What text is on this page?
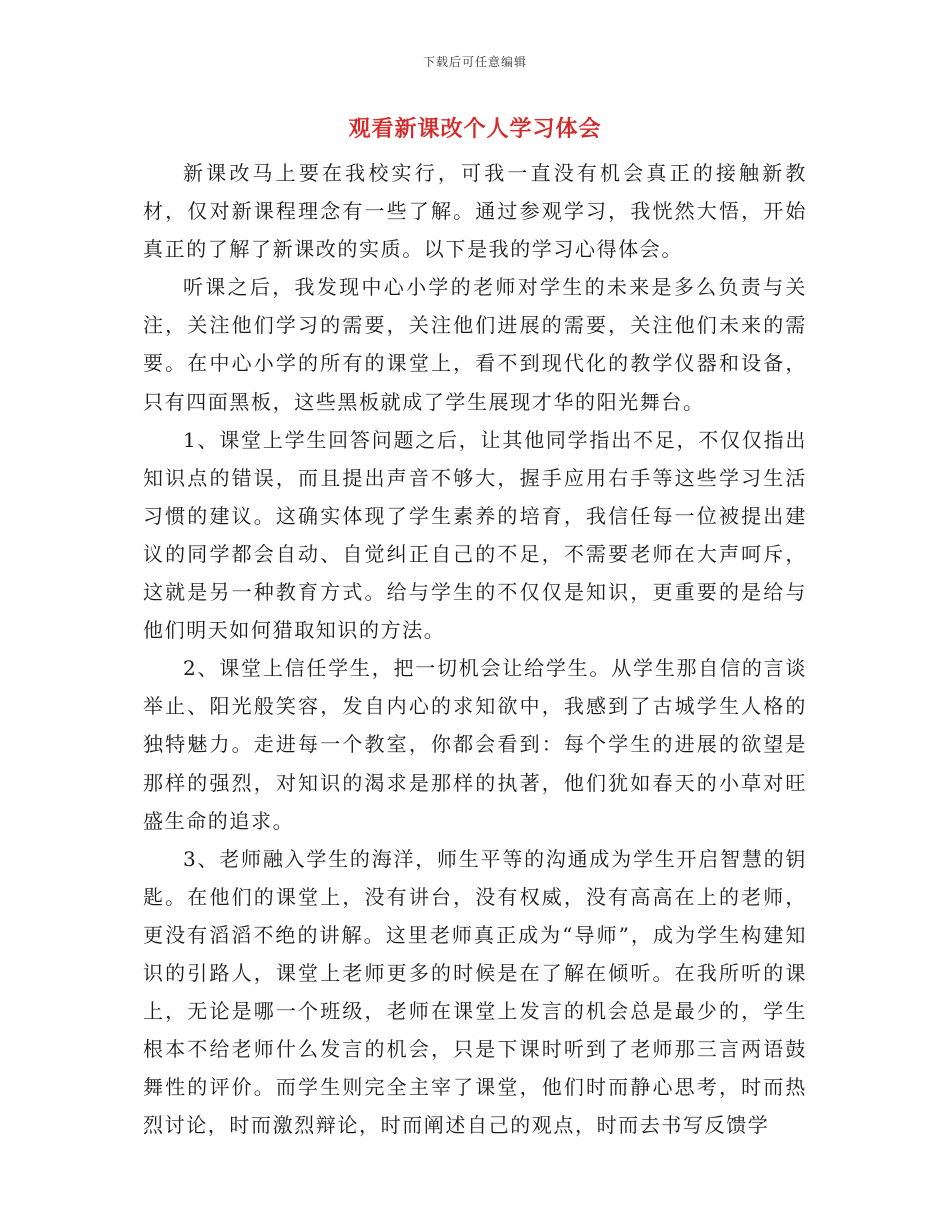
下载后可任意编辑
观看新课改个人学习体会

新课改马上要在我校实行，可我一直没有机会真正的接触新教材，仅对新课程理念有一些了解。通过参观学习，我恍然大悟，开始真正的了解了新课改的实质。以下是我的学习心得体会。

听课之后，我发现中心小学的老师对学生的未来是多么负责与关注，关注他们学习的需要，关注他们进展的需要，关注他们未来的需要。在中心小学的所有的课堂上，看不到现代化的教学仪器和设备，只有四面黑板，这些黑板就成了学生展现才华的阳光舞台。

1、课堂上学生回答问题之后，让其他同学指出不足，不仅仅指出知识点的错误，而且提出声音不够大，握手应用右手等这些学习生活习惯的建议。这确实体现了学生素养的培育，我信任每一位被提出建议的同学都会自动、自觉纠正自己的不足，不需要老师在大声呵斥，这就是另一种教育方式。给与学生的不仅仅是知识，更重要的是给与他们明天如何猎取知识的方法。

2、课堂上信任学生，把一切机会让给学生。从学生那自信的言谈举止、阳光般笑容，发自内心的求知欲中，我感到了古城学生人格的独特魅力。走进每一个教室，你都会看到：每个学生的进展的欲望是那样的强烈，对知识的渴求是那样的执著，他们犹如春天的小草对旺盛生命的追求。

3、老师融入学生的海洋，师生平等的沟通成为学生开启智慧的钥匙。在他们的课堂上，没有讲台，没有权威，没有高高在上的老师，更没有滔滔不绝的讲解。这里老师真正成为“导师”，成为学生构建知识的引路人，课堂上老师更多的时候是在了解在倾听。在我所听的课上，无论是哪一个班级，老师在课堂上发言的机会总是最少的，学生根本不给老师什么发言的机会，只是下课时听到了老师那三言两语鼓舞性的评价。而学生则完全主宰了课堂，他们时而静心思考，时而热烈讨论，时而激烈辩论，时而阐述自己的观点，时而去书写反馈学
